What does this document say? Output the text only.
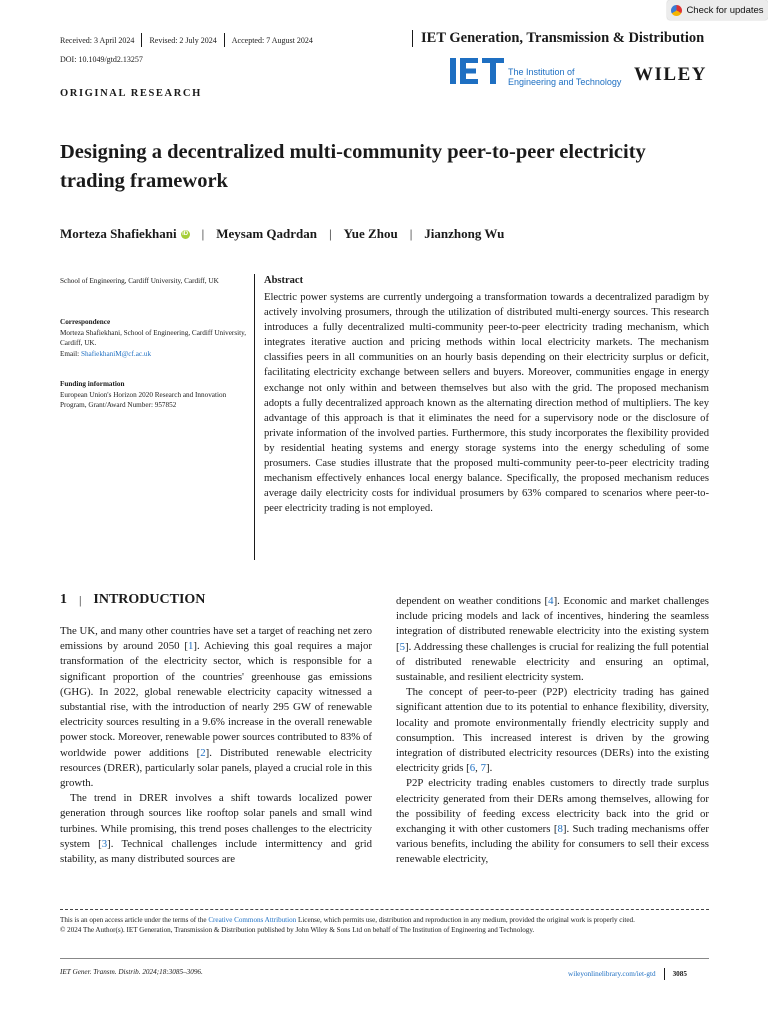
Check for updates
Received: 3 April 2024 Revised: 2 July 2024 Accepted: 7 August 2024	IET Generation, Transmission & Distribution
DOI: 10.1049/gtd2.13257
ORIGINAL RESEARCH
The Institution of
Engineering and Technology WILEY
Designing a decentralized multi-community peer-to-peer electricity trading framework
Morteza Shafiekhani iD | Meysam Qadrdan | Yue Zhou | Jianzhong Wu
School of Engineering, Cardiff University, Cardiff, UK
Correspondence
Morteza Shafiekhani, School of Engineering, Cardiff University, Cardiff, UK.
Email: ShafiekhaniM@cf.ac.uk
Funding information
European Union's Horizon 2020 Research and Innovation Program, Grant/Award Number: 957852
Abstract
Electric power systems are currently undergoing a transformation towards a decentralized paradigm by actively involving prosumers, through the utilization of distributed multi-energy sources. This research introduces a fully decentralized multi-community peer-to-peer electricity trading mechanism, which integrates iterative auction and pricing methods within local electricity markets. The mechanism classifies peers in all communities on an hourly basis depending on their electricity surplus or deficit, facilitating electricity exchange between sellers and buyers. Moreover, communities engage in energy exchange not only within and between themselves but also with the grid. The proposed mechanism adopts a fully decentralized approach known as the alternating direction method of multipliers. The key advantage of this approach is that it eliminates the need for a supervisory node or the disclosure of private information of the involved parties. Furthermore, this study incorporates the flexibility provided by residential heating systems and energy storage systems into the energy scheduling of some prosumers. Case studies illustrate that the proposed multi-community peer-to-peer electricity trading mechanism effectively enhances local energy balance. Specifically, the proposed mechanism reduces average daily electricity costs for individual prosumers by 63% compared to scenarios where peer-to-peer electricity trading is not employed.
1 | INTRODUCTION

The UK, and many other countries have set a target of reaching net zero emissions by around 2050 [1]. Achieving this goal requires a major transformation of the electricity sector, which is responsible for a significant proportion of the countries' greenhouse gas emissions (GHG). In 2022, global renewable electricity capacity witnessed a substantial rise, with the introduction of nearly 295 GW of renewable electricity sources resulting in a 9.6% increase in the overall renewable power stock. Moreover, renewable power sources contributed to 83% of worldwide power additions [2]. Distributed renewable electricity resources (DRER), particularly solar panels, played a crucial role in this growth.

The trend in DRER involves a shift towards localized power generation through sources like rooftop solar panels and small wind turbines. While promising, this trend poses challenges to the electricity system [3]. Technical challenges include intermittency and grid stability, as many distributed sources are

dependent on weather conditions [4]. Economic and market challenges include pricing models and lack of incentives, hindering the seamless integration of distributed renewable electricity into the existing system [5]. Addressing these challenges is crucial for realizing the full potential of distributed renewable electricity and ensuring an optimal, sustainable, and resilient electricity system.

The concept of peer-to-peer (P2P) electricity trading has gained significant attention due to its potential to enhance flexibility, diversity, locality and promote environmentally friendly electricity supply and consumption. This increased interest is driven by the growing integration of distributed electricity resources (DERs) into the existing electricity grids [6, 7].

P2P electricity trading enables customers to directly trade surplus electricity generated from their DERs among themselves, allowing for the possibility of feeding excess electricity back into the grid or exchanging it with other customers [8]. Such trading mechanisms offer various benefits, including the ability for consumers to sell their excess renewable electricity,

This is an open access article under the terms of the Creative Commons Attribution License, which permits use, distribution and reproduction in any medium, provided the original work is properly cited.
© 2024 The Author(s). IET Generation, Transmission & Distribution published by John Wiley & Sons Ltd on behalf of The Institution of Engineering and Technology.
IET Gener. Transm. Distrib. 2024;18:3085–3096.	wileyonlinelibrary.com/iet-gtd 3085
